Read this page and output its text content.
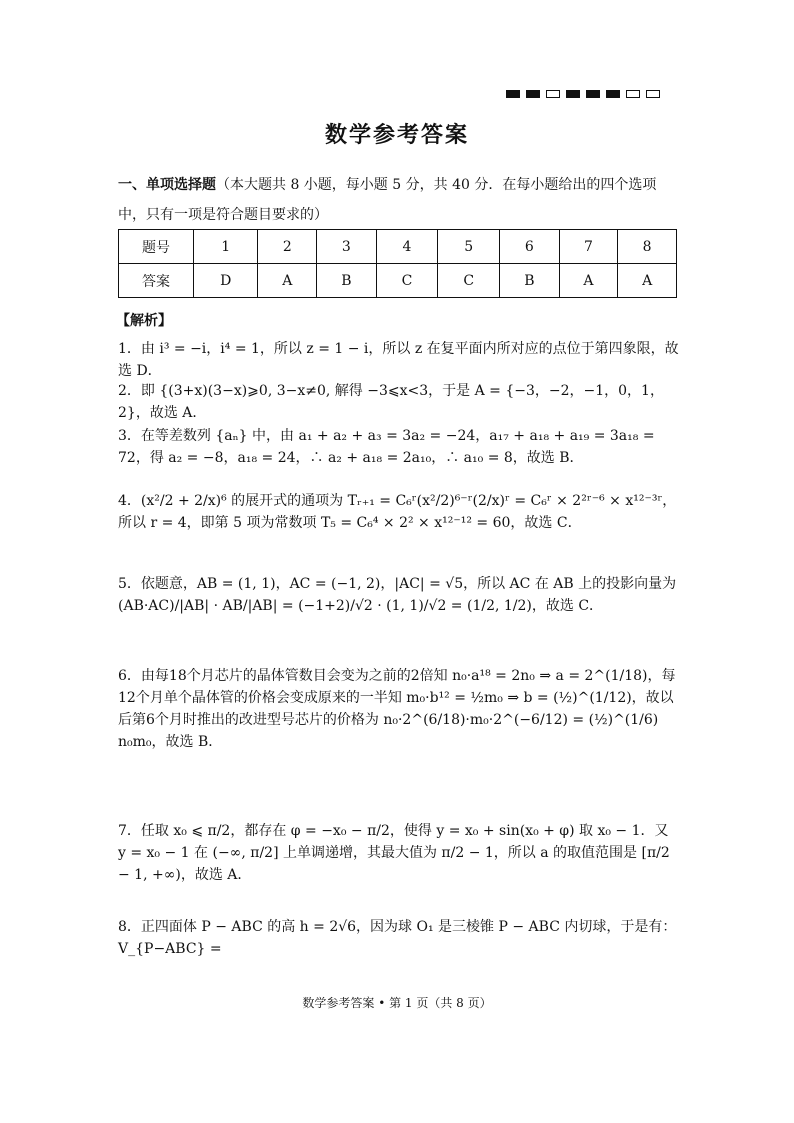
数学参考答案
一、单项选择题（本大题共 8 小题，每小题 5 分，共 40 分．在每小题给出的四个选项中，只有一项是符合题目要求的）
题号	1	2	3	4	5	6	7	8
答案	D	A	B	C	C	B	A	A
【解析】
1．由 i³ = −i，i⁴ = 1，所以 z = 1 − i，所以 z 在复平面内所对应的点位于第四象限，故选 D．
2．即 {(3+x)(3−x)⩾0, 3−x≠0, 解得 −3⩽x<3，于是 A = {−3，−2，−1，0，1，2}，故选 A．
3．在等差数列 {aₙ} 中，由 a₁ + a₂ + a₃ = 3a₂ = −24，a₁₇ + a₁₈ + a₁₉ = 3a₁₈ = 72，得 a₂ = −8，a₁₈ = 24，∴ a₂ + a₁₈ = 2a₁₀，∴ a₁₀ = 8，故选 B．
4．(x²/2 + 2/x)⁶ 的展开式的通项为 Tᵣ₊₁ = C₆ʳ(x²/2)⁶⁻ʳ(2/x)ʳ = C₆ʳ × 2²ʳ⁻⁶ × x¹²⁻³ʳ，所以 r = 4，即第 5 项为常数项 T₅ = C₆⁴ × 2² × x¹²⁻¹² = 60，故选 C．
5．依题意，AB = (1, 1)，AC = (−1, 2)，|AC| = √5，所以 AC 在 AB 上的投影向量为 (AB·AC)/|AB| · AB/|AB| = (−1+2)/√2 · (1, 1)/√2 = (1/2, 1/2)，故选 C．
6．由每18个月芯片的晶体管数目会变为之前的2倍知 n₀·a¹⁸ = 2n₀ ⇒ a = 2^(1/18)，每12个月单个晶体管的价格会变成原来的一半知 m₀·b¹² = ½m₀ ⇒ b = (½)^(1/12)，故以后第6个月时推出的改进型号芯片的价格为 n₀·2^(6/18)·m₀·2^(−6/12) = (½)^(1/6) n₀m₀，故选 B．
7．任取 x₀ ⩽ π/2，都存在 φ = −x₀ − π/2，使得 y = x₀ + sin(x₀ + φ) 取 x₀ − 1．又 y = x₀ − 1 在 (−∞, π/2] 上单调递增，其最大值为 π/2 − 1，所以 a 的取值范围是 [π/2 − 1, +∞)，故选 A．
8．正四面体 P − ABC 的高 h = 2√6，因为球 O₁ 是三棱锥 P − ABC 内切球，于是有：V_{P−ABC} =
数学参考答案 • 第 1 页（共 8 页）
